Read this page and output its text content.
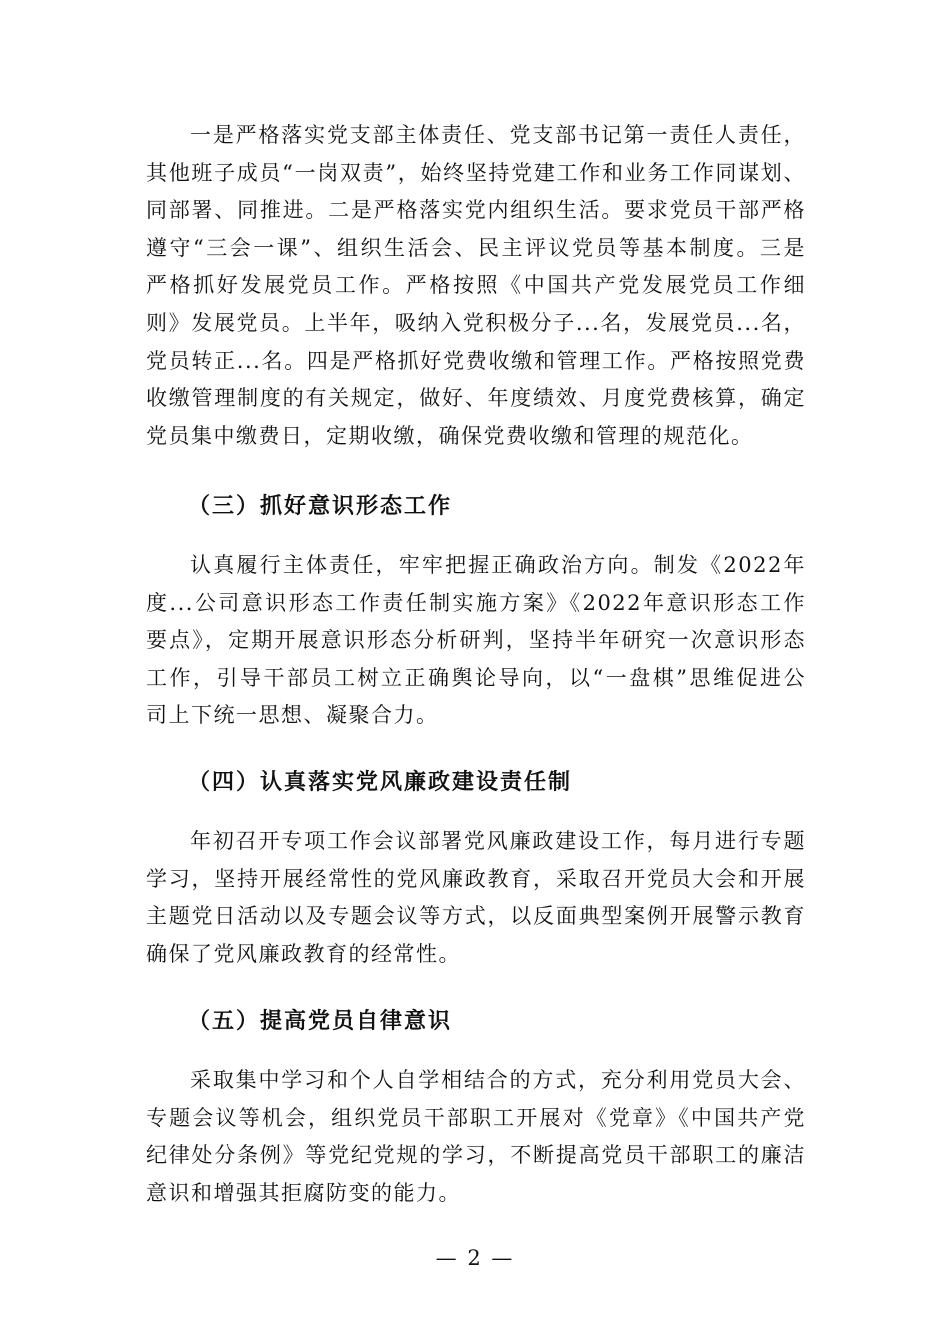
一是严格落实党支部主体责任、党支部书记第一责任人责任，

其他班子成员“一岗双责”，始终坚持党建工作和业务工作同谋划、

同部署、同推进。二是严格落实党内组织生活。要求党员干部严格

遵守“三会一课”、组织生活会、民主评议党员等基本制度。三是

严格抓好发展党员工作。严格按照《中国共产党发展党员工作细

则》发展党员。上半年，吸纳入党积极分子...名，发展党员...名，

党员转正...名。四是严格抓好党费收缴和管理工作。严格按照党费

收缴管理制度的有关规定，做好、年度绩效、月度党费核算，确定

党员集中缴费日，定期收缴，确保党费收缴和管理的规范化。

（三）抓好意识形态工作

认真履行主体责任，牢牢把握正确政治方向。制发《2022年

度...公司意识形态工作责任制实施方案》《2022年意识形态工作

要点》，定期开展意识形态分析研判，坚持半年研究一次意识形态

工作，引导干部员工树立正确舆论导向，以“一盘棋”思维促进公

司上下统一思想、凝聚合力。

（四）认真落实党风廉政建设责任制

年初召开专项工作会议部署党风廉政建设工作，每月进行专题

学习，坚持开展经常性的党风廉政教育，采取召开党员大会和开展

主题党日活动以及专题会议等方式，以反面典型案例开展警示教育

确保了党风廉政教育的经常性。

（五）提高党员自律意识

采取集中学习和个人自学相结合的方式，充分利用党员大会、

专题会议等机会，组织党员干部职工开展对《党章》《中国共产党

纪律处分条例》等党纪党规的学习，不断提高党员干部职工的廉洁

意识和增强其拒腐防变的能力。

— 2 —
